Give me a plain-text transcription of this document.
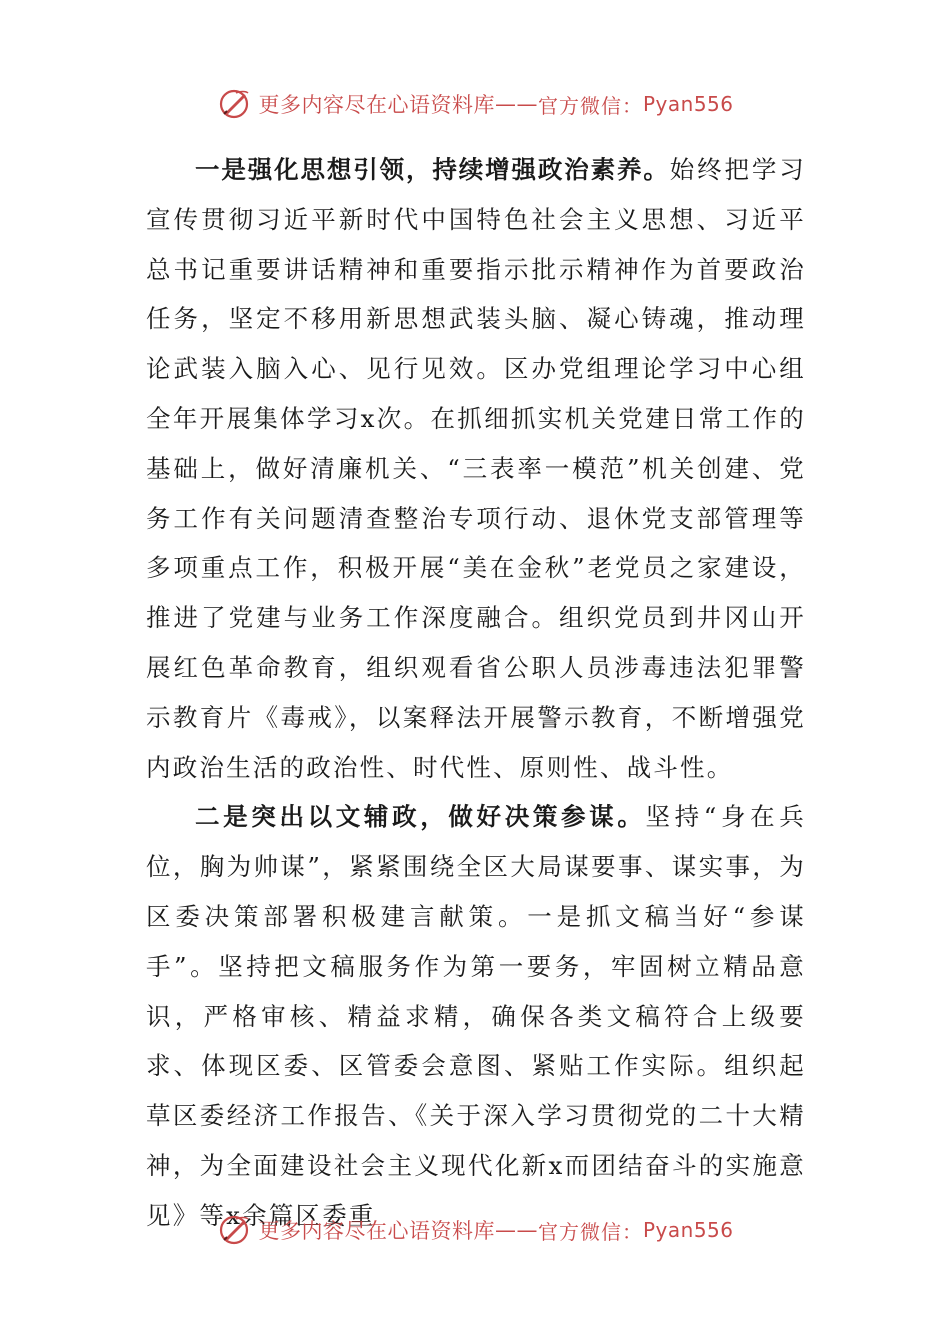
更多内容尽在心语资料库 —— 官方微信： Pyan556

一是强化思想引领，持续增强政治素养。始终把学习宣传贯彻习近平新时代中国特色社会主义思想、习近平总书记重要讲话精神和重要指示批示精神作为首要政治任务，坚定不移用新思想武装头脑、凝心铸魂，推动理论武装入脑入心、见行见效。区办党组理论学习中心组全年开展集体学习x次。在抓细抓实机关党建日常工作的基础上，做好清廉机关、“三表率一模范”机关创建、党务工作有关问题清查整治专项行动、退休党支部管理等多项重点工作，积极开展“美在金秋”老党员之家建设，推进了党建与业务工作深度融合。组织党员到井冈山开展红色革命教育，组织观看省公职人员涉毒违法犯罪警示教育片《毒戒》，以案释法开展警示教育，不断增强党内政治生活的政治性、时代性、原则性、战斗性。

二是突出以文辅政，做好决策参谋。坚持“身在兵位，胸为帅谋”，紧紧围绕全区大局谋要事、谋实事，为区委决策部署积极建言献策。一是抓文稿当好“参谋手”。坚持把文稿服务作为第一要务，牢固树立精品意识，严格审核、精益求精，确保各类文稿符合上级要求、体现区委、区管委会意图、紧贴工作实际。组织起草区委经济工作报告、《关于深入学习贯彻党的二十大精神，为全面建设社会主义现代化新x而团结奋斗的实施意见》等x余篇区委重

更多内容尽在心语资料库 —— 官方微信： Pyan556
